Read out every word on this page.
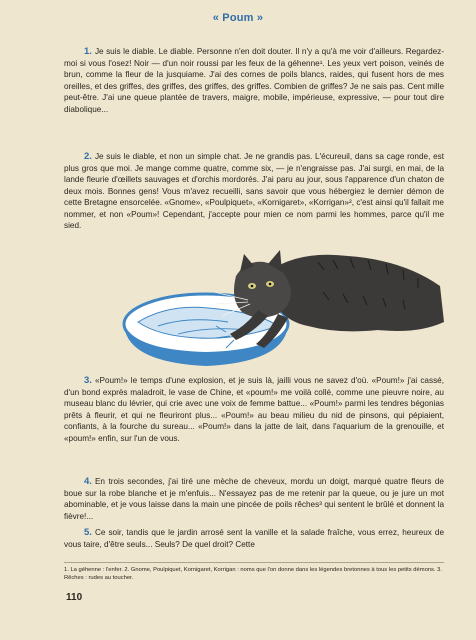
« Poum »
1. Je suis le diable. Le diable. Personne n'en doit douter. Il n'y a qu'à me voir d'ailleurs. Regardez-moi si vous l'osez! Noir — d'un noir roussi par les feux de la géhenne¹. Les yeux vert poison, veinés de brun, comme la fleur de la jusquiame. J'ai des cornes de poils blancs, raides, qui fusent hors de mes oreilles, et des griffes, des griffes, des griffes, des griffes. Combien de griffes? Je ne sais pas. Cent mille peut-être. J'ai une queue plantée de travers, maigre, mobile, impérieuse, expressive, — pour tout dire diabolique...
2. Je suis le diable, et non un simple chat. Je ne grandis pas. L'écureuil, dans sa cage ronde, est plus gros que moi. Je mange comme quatre, comme six, — je n'engraisse pas. J'ai surgi, en mai, de la lande fleurie d'œillets sauvages et d'orchis mordorés. J'ai paru au jour, sous l'apparence d'un chaton de deux mois. Bonnes gens! Vous m'avez recueilli, sans savoir que vous hébergiez le dernier démon de cette Bretagne ensorcelée. «Gnome», «Poulpiquet», «Kornigaret», «Korrigan»², c'est ainsi qu'il fallait me nommer, et non «Poum»! Cependant, j'accepte pour mien ce nom parmi les hommes, parce qu'il me sied.
3. «Poum!» le temps d'une explosion, et je suis là, jailli vous ne savez d'où. «Poum!» j'ai cassé, d'un bond exprès maladroit, le vase de Chine, et «poum!» me voilà collé, comme une pieuvre noire, au museau blanc du lévrier, qui crie avec une voix de femme battue... «Poum!» parmi les tendres bégonias prêts à fleurir, et qui ne fleuriront plus... «Poum!» au beau milieu du nid de pinsons, qui pépiaient, confiants, à la fourche du sureau... «Poum!» dans la jatte de lait, dans l'aquarium de la grenouille, et «poum!» enfin, sur l'un de vous.
4. En trois secondes, j'ai tiré une mèche de cheveux, mordu un doigt, marqué quatre fleurs de boue sur la robe blanche et je m'enfuis... N'essayez pas de me retenir par la queue, ou je jure un mot abominable, et je vous laisse dans la main une pincée de poils rêches³ qui sentent le brûlé et donnent la fièvre!...
5. Ce soir, tandis que le jardin arrosé sent la vanille et la salade fraîche, vous errez, heureux de vous taire, d'être seuls... Seuls? De quel droit? Cette
1. La géhenne : l'enfer. 2. Gnome, Poulpiquet, Kornigaret, Korrigan : noms que l'on donne dans les légendes bretonnes à tous les petits démons. 3. Rêches : rudes au toucher.
110
